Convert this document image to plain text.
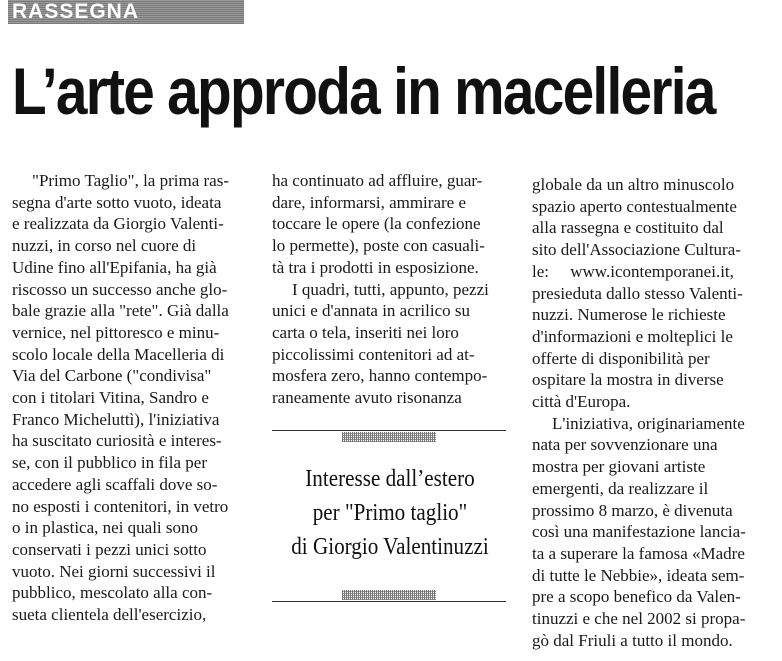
RASSEGNA
L’arte approda in macelleria

"Primo Taglio", la prima ras-

segna d'arte sotto vuoto, ideata
e realizzata da Giorgio Valenti-
nuzzi, in corso nel cuore di
Udine fino all'Epifania, ha già
riscosso un successo anche glo-
bale grazie alla "rete". Già dalla
vernice, nel pittoresco e minu-
scolo locale della Macelleria di
Via del Carbone ("condivisa"
con i titolari Vitina, Sandro e
Franco Micheluttì), l'iniziativa
ha suscitato curiosità e interes-
se, con il pubblico in fila per
accedere agli scaffali dove so-
no esposti i contenitori, in vetro
o in plastica, nei quali sono
conservati i pezzi unici sotto
vuoto. Nei giorni successivi il
pubblico, mescolato alla con-
sueta clientela dell'esercizio,

ha continuato ad affluire, guar-
dare, informarsi, ammirare e
toccare le opere (la confezione
lo permette), poste con casuali-
tà tra i prodotti in esposizione.

I quadri, tutti, appunto, pezzi
unici e d'annata in acrilico su
carta o tela, inseriti nei loro
piccolissimi contenitori ad at-
mosfera zero, hanno contempo-
raneamente avuto risonanza

Interesse dall’estero
per "Primo taglio"
di Giorgio Valentinuzzi

globale da un altro minuscolo
spazio aperto contestualmente
alla rassegna e costituito dal
sito dell'Associazione Cultura-
le:     www.icontemporanei.it,
presieduta dallo stesso Valenti-
nuzzi. Numerose le richieste
d'informazioni e molteplici le
offerte di disponibilità per
ospitare la mostra in diverse
città d'Europa.

L'iniziativa, originariamente
nata per sovvenzionare una
mostra per giovani artiste
emergenti, da realizzare il
prossimo 8 marzo, è divenuta
così una manifestazione lancia-
ta a superare la famosa «Madre
di tutte le Nebbie», ideata sem-
pre a scopo benefico da Valen-
tinuzzi e che nel 2002 si propa-
gò dal Friuli a tutto il mondo.
